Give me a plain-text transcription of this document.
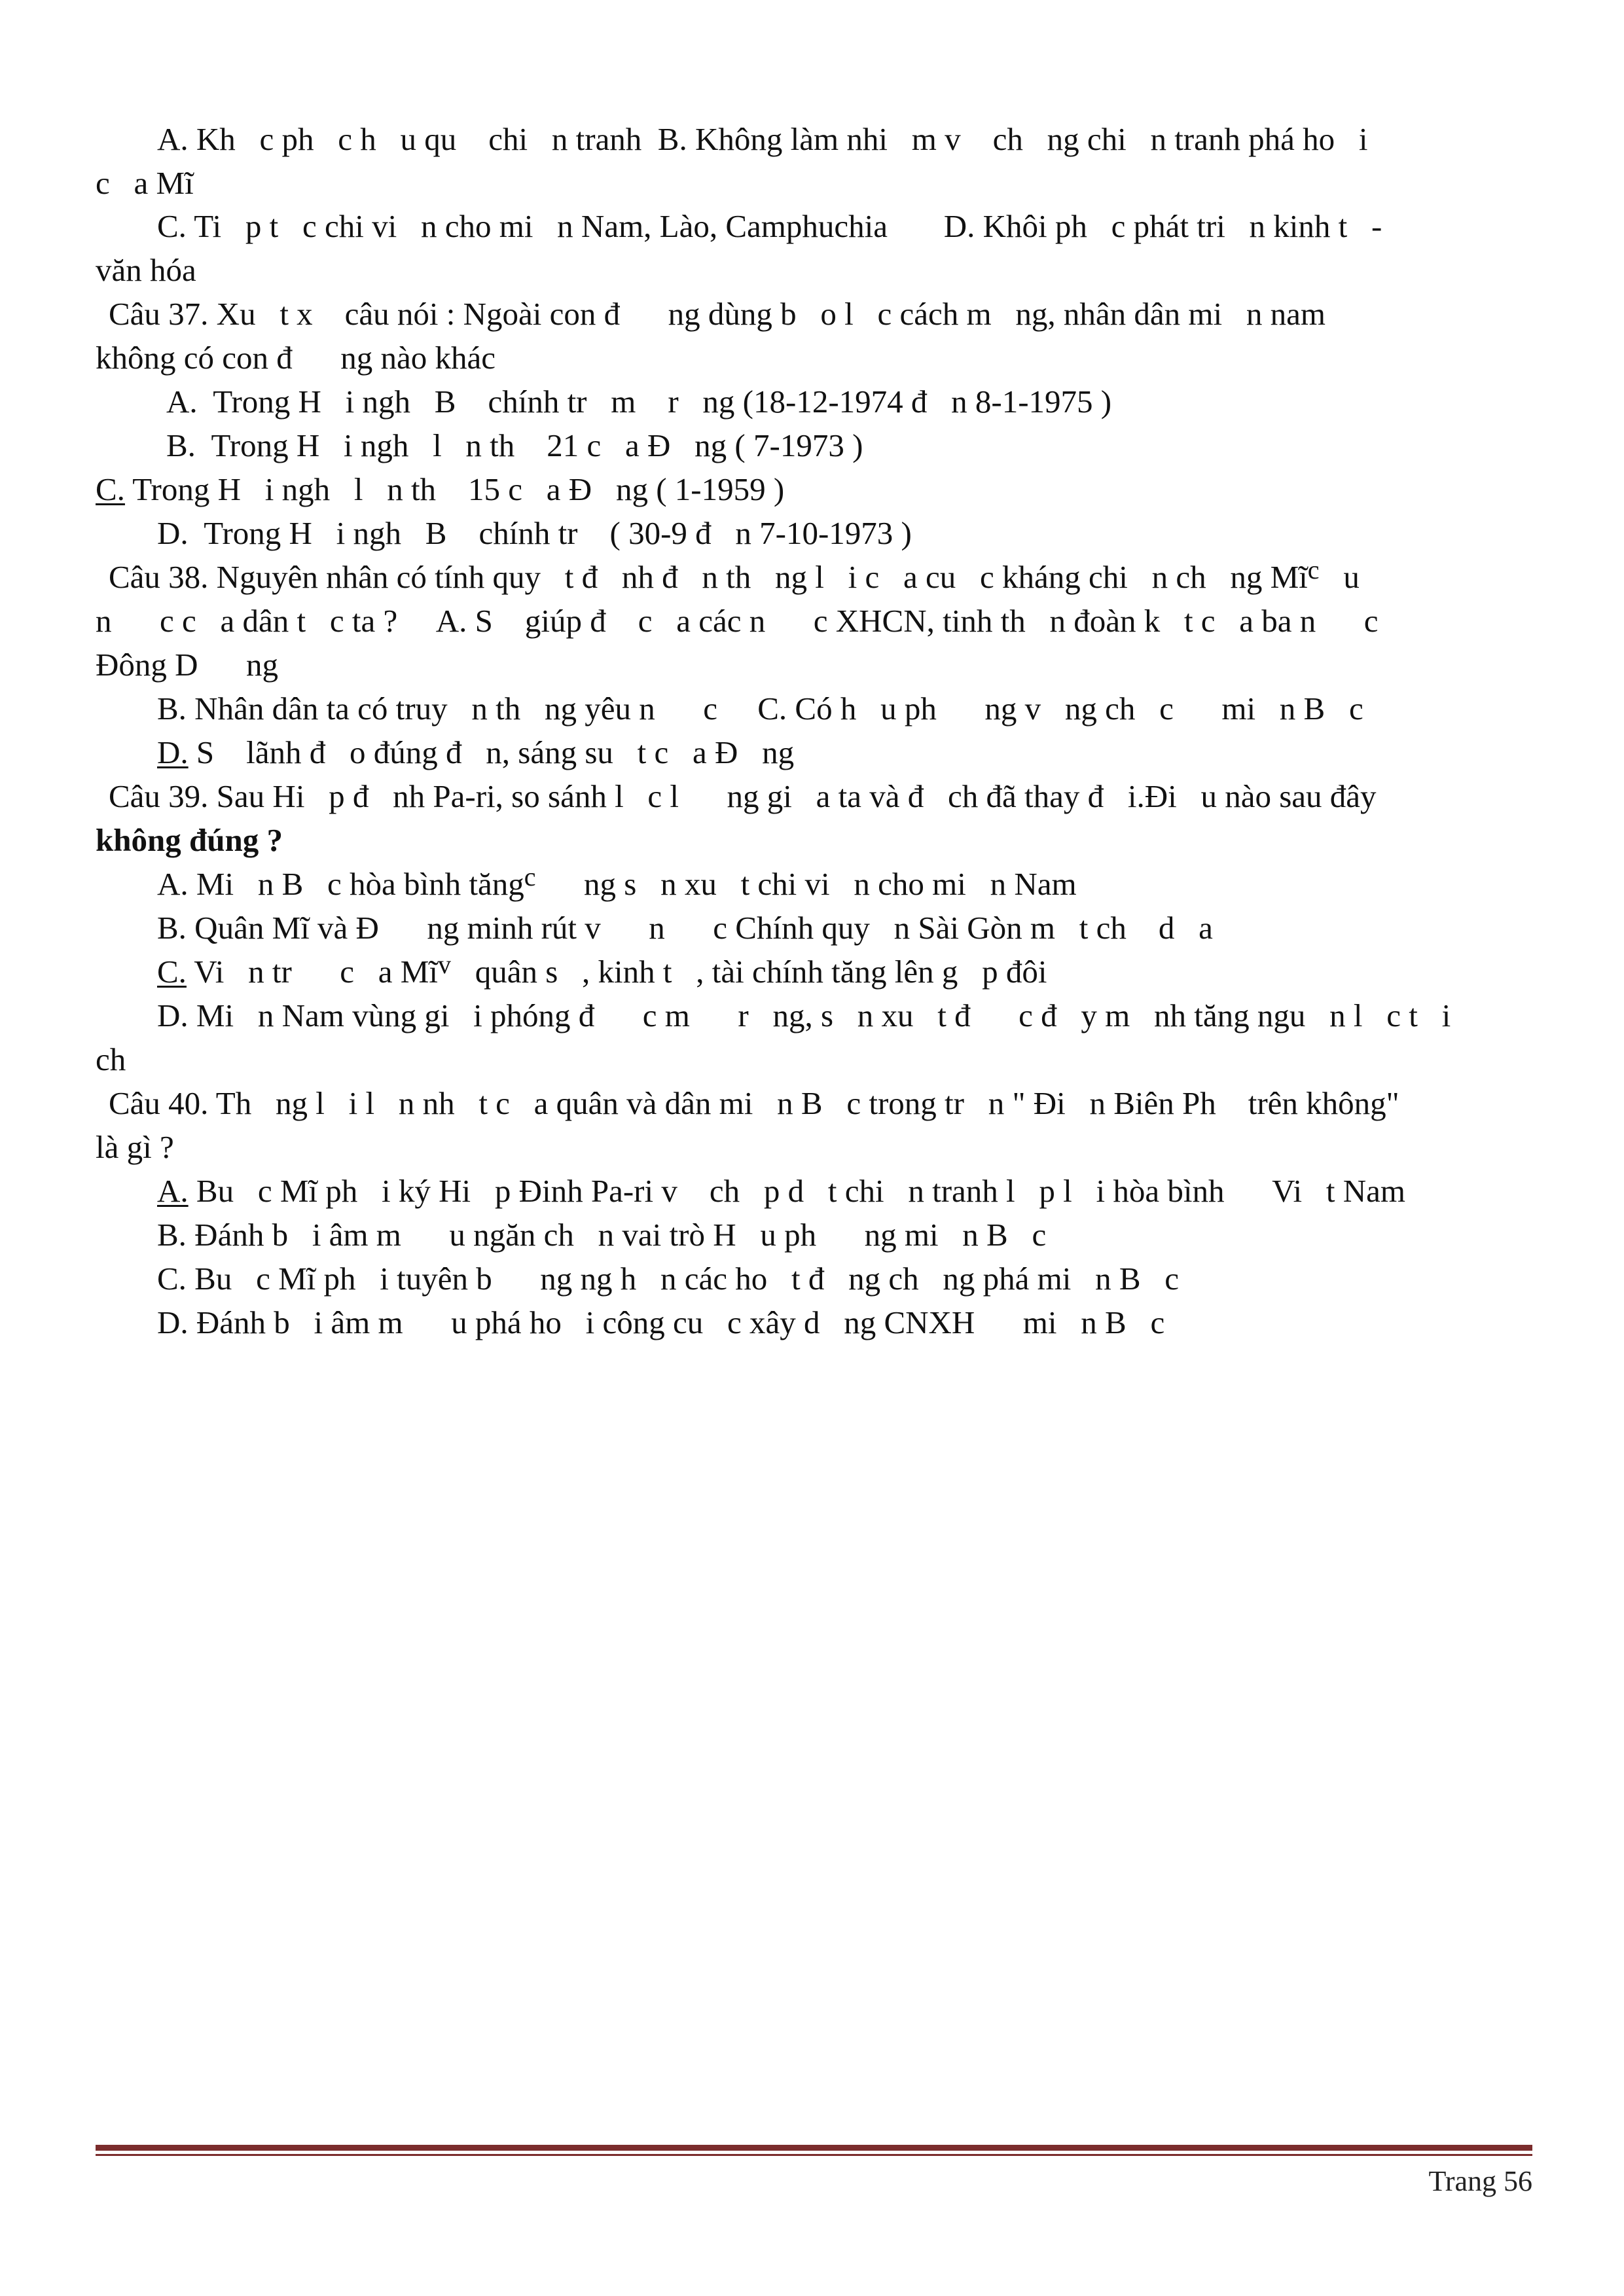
A. Kh   c ph   c h   u qu    chi   n tranh  B. Không làm nhi   m v    ch   ng chi   n tranh phá ho   i
c   a Mĩ
C. Ti   p t   c chi vi   n cho mi   n Nam, Lào, Camphuchia       D. Khôi ph   c phát tri   n kinh t   -
văn hóa
Câu 37. Xu   t x    câu nói : Ngoài con đ      ng dùng b   o l   c cách m   ng, nhân dân mi   n nam
không có con đ      ng nào khác
A.  Trong H   i ngh   B    chính tr   m    r   ng (18-12-1974 đ   n 8-1-1975 )
B.  Trong H   i ngh   l   n th    21 c   a Đ   ng ( 7-1973 )
C. Trong H   i ngh   l   n th    15 c   a Đ   ng ( 1-1959 )
D.  Trong H   i ngh   B    chính tr    ( 30-9 đ   n 7-10-1973 )
Câu 38. Nguyên nhân có tính quy   t đ   nh đ   n th   ng l   i c   a cu   c kháng chi   n ch   ng $Mĩ^c$   u
n      c c   a dân t   c ta ?     A. S    giúp đ    c   a các n      c XHCN, tinh th   n đoàn k   t c   a ba n      c
Đông D      ng
B. Nhân dân ta có truy   n th   ng yêu n      c     C. Có h   u ph      ng v   ng ch   c      mi   n B   c
D. S    lãnh đ   o đúng đ   n, sáng su   t c   a Đ   ng
Câu 39. Sau Hi   p đ   nh Pa-ri, so sánh l   c l      ng gi   a ta và đ   ch đã thay đ   i.Đi   u nào sau đây
không đúng ?
A. Mi   n B   c hòa bình tăng$^c$      ng s   n xu   t chi vi   n cho mi   n Nam
B. Quân Mĩ và Đ      ng minh rút v      n      c Chính quy   n Sài Gòn m   t ch    d   a
C. Vi   n tr      c   a $Mĩ^v$   quân s   , kinh t   , tài chính tăng lên g   p đôi
D. Mi   n Nam vùng gi   i phóng đ      c m      r   ng, s   n xu   t đ      c đ   y m   nh tăng ngu   n l   c t   i
ch
Câu 40. Th   ng l   i l   n nh   t c   a quân và dân mi   n B   c trong tr   n " Đi   n Biên Ph    trên không"
là gì ?
A. Bu   c Mĩ ph   i ký Hi   p Đinh Pa-ri v    ch   p d   t chi   n tranh l   p l   i hòa bình      Vi   t Nam
B. Đánh b   i âm m      u ngăn ch   n vai trò H   u ph      ng mi   n B   c
C. Bu   c Mĩ ph   i tuyên b      ng ng h   n các ho   t đ   ng ch   ng phá mi   n B   c
D. Đánh b   i âm m      u phá ho   i công cu   c xây d   ng CNXH      mi   n B   c
Trang 56
